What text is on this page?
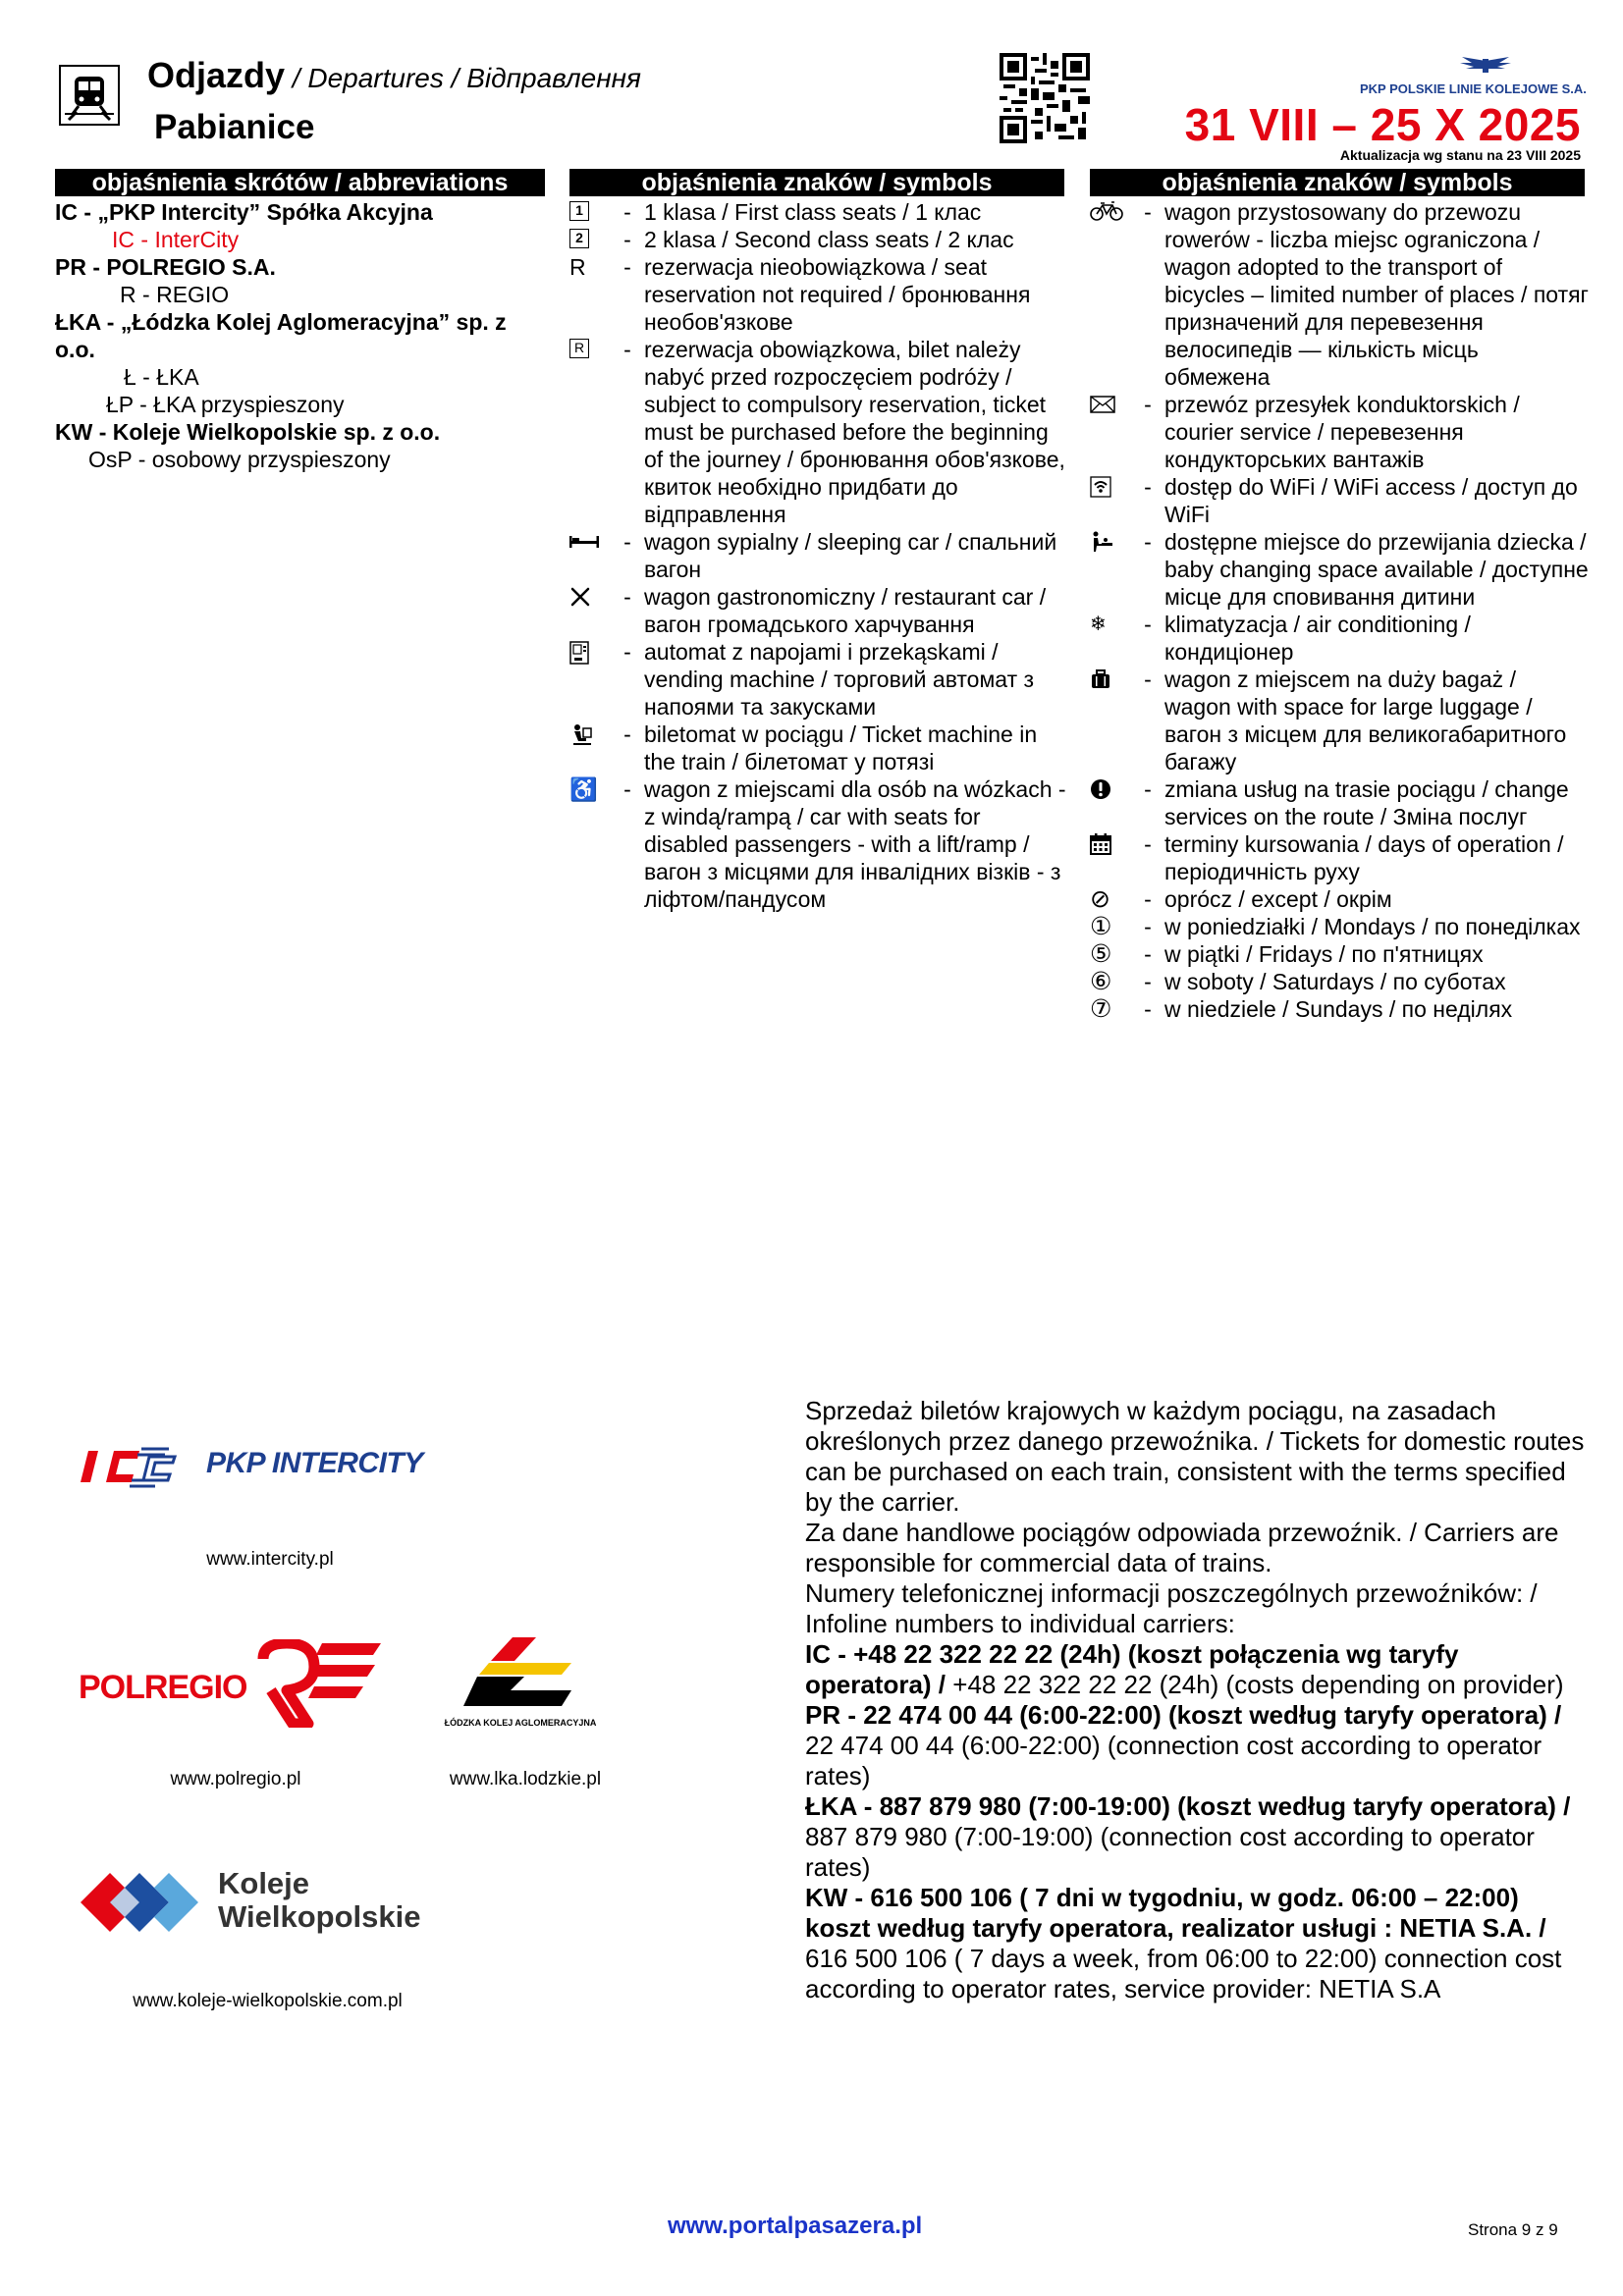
Odjazdy / Departures / Відправлення
Pabianice
PKP POLSKIE LINIE KOLEJOWE S.A.
31 VIII – 25 X 2025
Aktualizacja wg stanu na 23 VIII 2025
objaśnienia skrótów / abbreviations	objaśnienia znaków / symbols	objaśnienia znaków / symbols
IC - „PKP Intercity” Spółka Akcyjna
IC - InterCity
PR - POLREGIO S.A.
R - REGIO
ŁKA - „Łódzka Kolej Aglomeracyjna” sp. z o.o.
Ł - ŁKA
ŁP - ŁKA przyspieszony
KW - Koleje Wielkopolskie sp. z o.o.
OsP - osobowy przyspieszony
1	- 1 klasa / First class seats / 1 клас
2	- 2 klasa / Second class seats / 2 клас
R	- rezerwacja nieobowiązkowa / seat reservation not required / бронювання необов'язкове
R	- rezerwacja obowiązkowa, bilet należy nabyć przed rozpoczęciem podróży / subject to compulsory reservation, ticket must be purchased before the beginning of the journey / бронювання обов'язкове, квиток необхідно придбати до відправлення
- wagon sypialny / sleeping car / спальний вагон
- wagon gastronomiczny / restaurant car / вагон громадського харчування
- automat z napojami i przekąskami / vending machine / торговий автомат з напоями та закусками
- biletomat w pociągu / Ticket machine in the train / білетомат у потязі
♿	- wagon z miejscami dla osób na wózkach - z windą/rampą / car with seats for disabled passengers - with a lift/ramp / вагон з місцями для інвалідних візків - з ліфтом/пандусом
- wagon przystosowany do przewozu rowerów - liczba miejsc ograniczona / wagon adopted to the transport of bicycles – limited number of places / потяг призначений для перевезення велосипедів — кількість місць обмежена
- przewóz przesyłek konduktorskich / courier service / перевезення кондукторських вантажів
- dostęp do WiFi / WiFi access / доступ до WiFi
- dostępne miejsce do przewijania dziecka / baby changing space available / доступне місце для сповивання дитини
❄	- klimatyzacja / air conditioning / кондиціонер
- wagon z miejscem na duży bagaż / wagon with space for large luggage / вагон з місцем для великогабаритного багажу
- zmiana usług na trasie pociągu / change services on the route / Зміна послуг
- terminy kursowania / days of operation / періодичність руху
⊘	- oprócz / except / окрім
①	- w poniedziałki / Mondays / по понеділках
⑤	- w piątki / Fridays / по п'ятницях
⑥	- w soboty / Saturdays / по суботах
⑦	- w niedziele / Sundays / по неділях
PKP INTERCITY
www.intercity.pl
POLREGIO
www.polregio.pl
ŁÓDZKA KOLEJ AGLOMERACYJNA
www.lka.lodzkie.pl
Koleje
Wielkopolskie
www.koleje-wielkopolskie.com.pl
Sprzedaż biletów krajowych w każdym pociągu, na zasadach określonych przez danego przewoźnika. / Tickets for domestic routes can be purchased on each train, consistent with the terms specified by the carrier.
Za dane handlowe pociągów odpowiada przewoźnik. / Carriers are responsible for commercial data of trains.
Numery telefonicznej informacji poszczególnych przewoźników: / Infoline numbers to individual carriers:
IC - +48 22 322 22 22 (24h) (koszt połączenia wg taryfy operatora) / +48 22 322 22 22 (24h) (costs depending on provider)
PR - 22 474 00 44 (6:00-22:00) (koszt według taryfy operatora) / 22 474 00 44 (6:00-22:00) (connection cost according to operator rates)
ŁKA - 887 879 980 (7:00-19:00) (koszt według taryfy operatora) / 887 879 980 (7:00-19:00) (connection cost according to operator rates)
KW - 616 500 106 ( 7 dni w tygodniu, w godz. 06:00 – 22:00) koszt według taryfy operatora, realizator usługi : NETIA S.A. / 616 500 106 ( 7 days a week, from 06:00 to 22:00) connection cost according to operator rates, service provider: NETIA S.A
www.portalpasazera.pl	Strona 9 z 9
